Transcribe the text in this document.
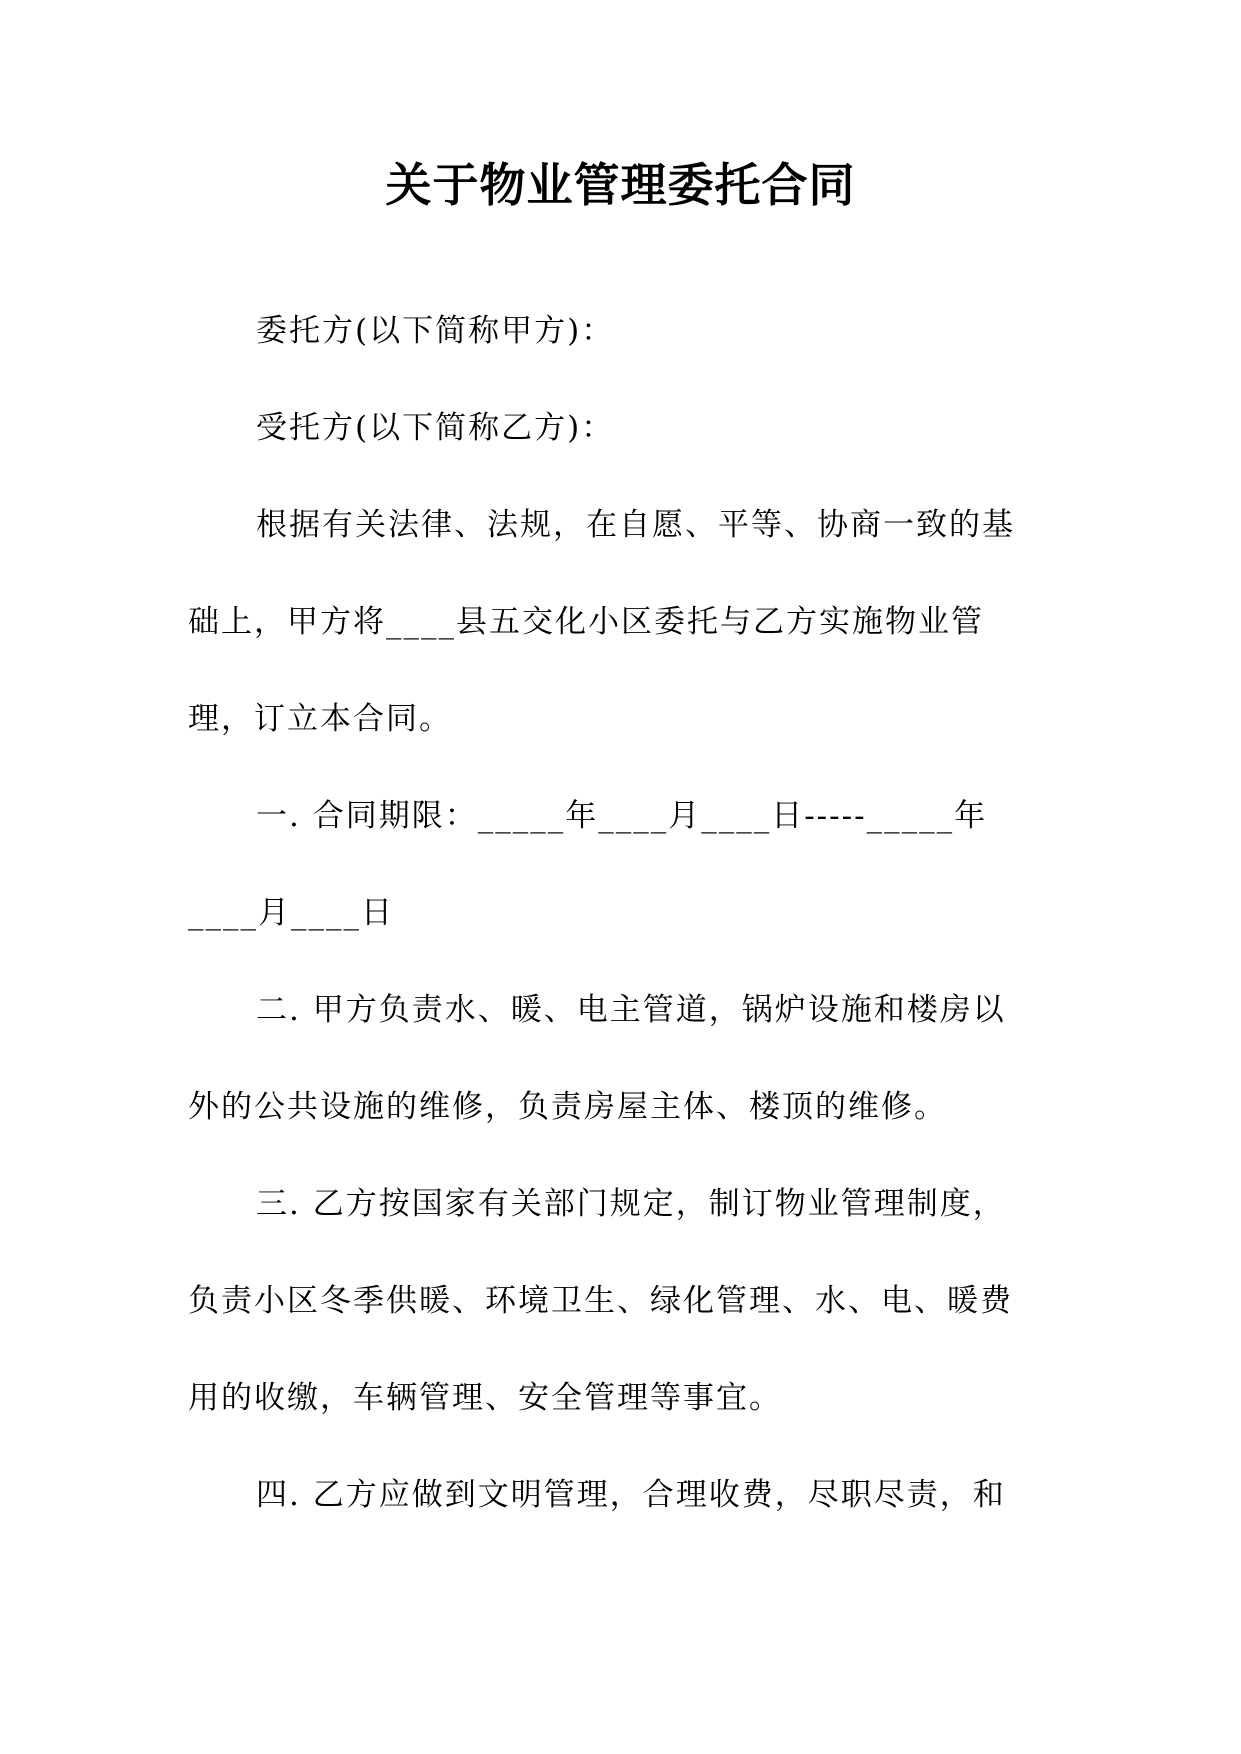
关于物业管理委托合同

委托方(以下简称甲方)：

受托方(以下简称乙方)：

根据有关法律、法规，在自愿、平等、协商一致的基

础上，甲方将____县五交化小区委托与乙方实施物业管

理，订立本合同。

一. 合同期限：_____年____月____日-----_____年

____月____日

二. 甲方负责水、暖、电主管道，锅炉设施和楼房以

外的公共设施的维修，负责房屋主体、楼顶的维修。

三. 乙方按国家有关部门规定，制订物业管理制度，

负责小区冬季供暖、环境卫生、绿化管理、水、电、暖费

用的收缴，车辆管理、安全管理等事宜。

四. 乙方应做到文明管理，合理收费，尽职尽责，和
